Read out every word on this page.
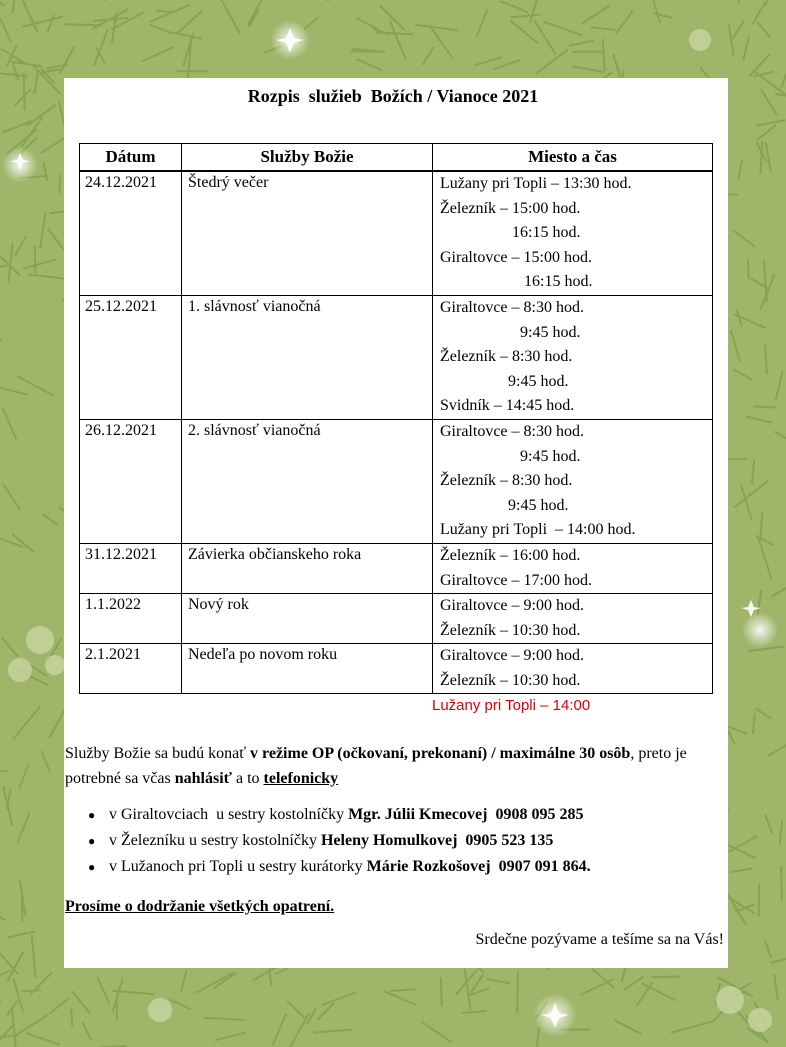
Rozpis  služieb  Božích / Vianoce 2021
Dátum	Služby Božie	Miesto a čas

24.12.2021	Štedrý večer	Lužany pri Topli – 13:30 hod.
Železník – 15:00 hod.
16:15 hod.
Giraltovce – 15:00 hod.
16:15 hod.

25.12.2021	1. slávnosť vianočná	Giraltovce – 8:30 hod.
9:45 hod.
Železník – 8:30 hod.
9:45 hod.
Svidník – 14:45 hod.

26.12.2021	2. slávnosť vianočná	Giraltovce – 8:30 hod.
9:45 hod.
Železník – 8:30 hod.
9:45 hod.
Lužany pri Topli  – 14:00 hod.

31.12.2021	Závierka občianskeho roka	Železník – 16:00 hod.
Giraltovce – 17:00 hod.

1.1.2022	Nový rok	Giraltovce – 9:00 hod.
Železník – 10:30 hod.

2.1.2021	Nedeľa po novom roku	Giraltovce – 9:00 hod.
Železník – 10:30 hod.
Lužany pri Topli – 14:00
Služby Božie sa budú konať v režime OP (očkovaní, prekonaní) / maximálne 30 osôb, preto je potrebné sa včas nahlásiť a to telefonicky
● v Giraltovciach  u sestry kostolníčky Mgr. Júlii Kmecovej  0908 095 285
● v Železníku u sestry kostolníčky Heleny Homulkovej  0905 523 135
● v Lužanoch pri Topli u sestry kurátorky Márie Rozkošovej  0907 091 864.
Prosíme o dodržanie všetkých opatrení.
Srdečne pozývame a tešíme sa na Vás!
